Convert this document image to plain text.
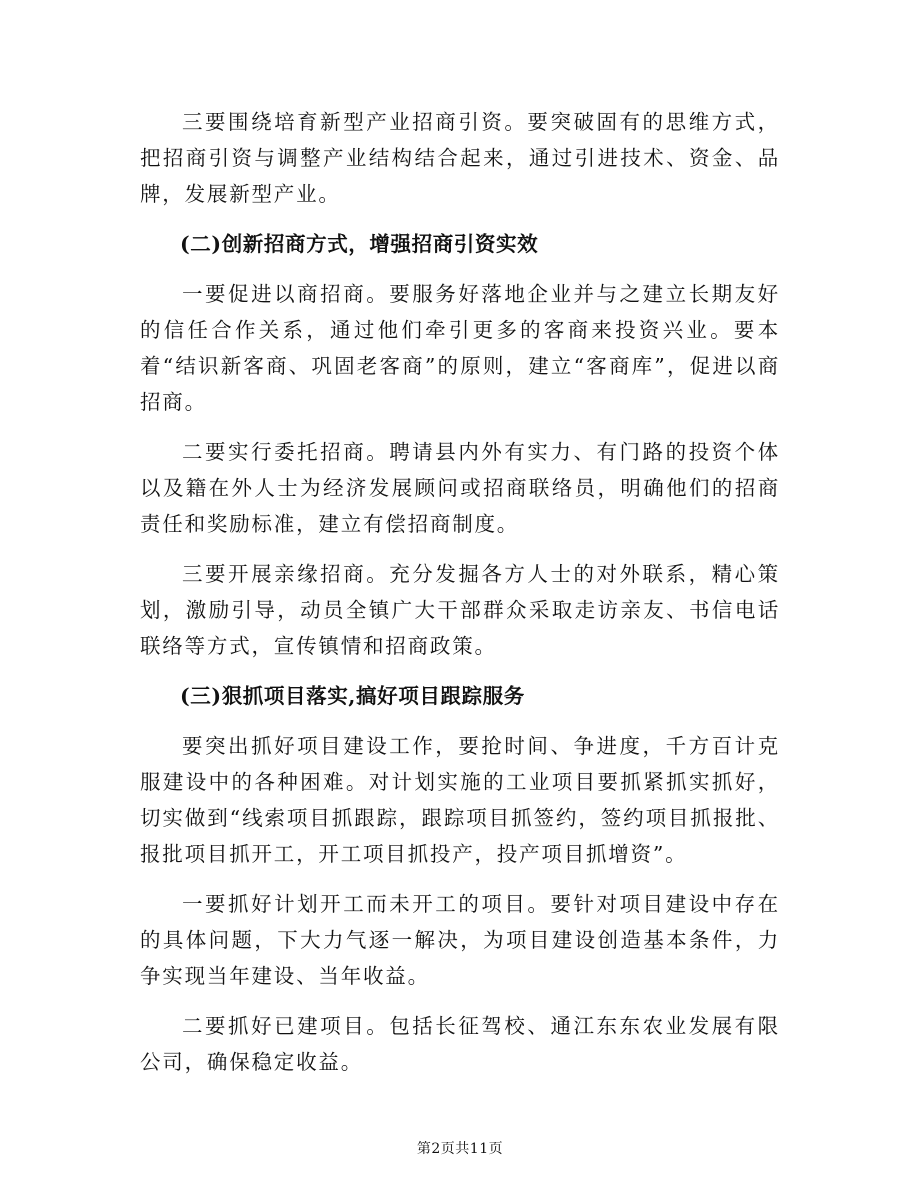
三要围绕培育新型产业招商引资。要突破固有的思维方式，把招商引资与调整产业结构结合起来，通过引进技术、资金、品牌，发展新型产业。

(二)创新招商方式，增强招商引资实效

一要促进以商招商。要服务好落地企业并与之建立长期友好的信任合作关系，通过他们牵引更多的客商来投资兴业。要本着“结识新客商、巩固老客商”的原则，建立“客商库”，促进以商招商。

二要实行委托招商。聘请县内外有实力、有门路的投资个体以及籍在外人士为经济发展顾问或招商联络员，明确他们的招商责任和奖励标准，建立有偿招商制度。

三要开展亲缘招商。充分发掘各方人士的对外联系，精心策划，激励引导，动员全镇广大干部群众采取走访亲友、书信电话联络等方式，宣传镇情和招商政策。

(三)狠抓项目落实,搞好项目跟踪服务

要突出抓好项目建设工作，要抢时间、争进度，千方百计克服建设中的各种困难。对计划实施的工业项目要抓紧抓实抓好，切实做到“线索项目抓跟踪，跟踪项目抓签约，签约项目抓报批、报批项目抓开工，开工项目抓投产，投产项目抓增资”。

一要抓好计划开工而未开工的项目。要针对项目建设中存在的具体问题，下大力气逐一解决，为项目建设创造基本条件，力争实现当年建设、当年收益。

二要抓好已建项目。包括长征驾校、通江东东农业发展有限公司，确保稳定收益。

第2页共11页
